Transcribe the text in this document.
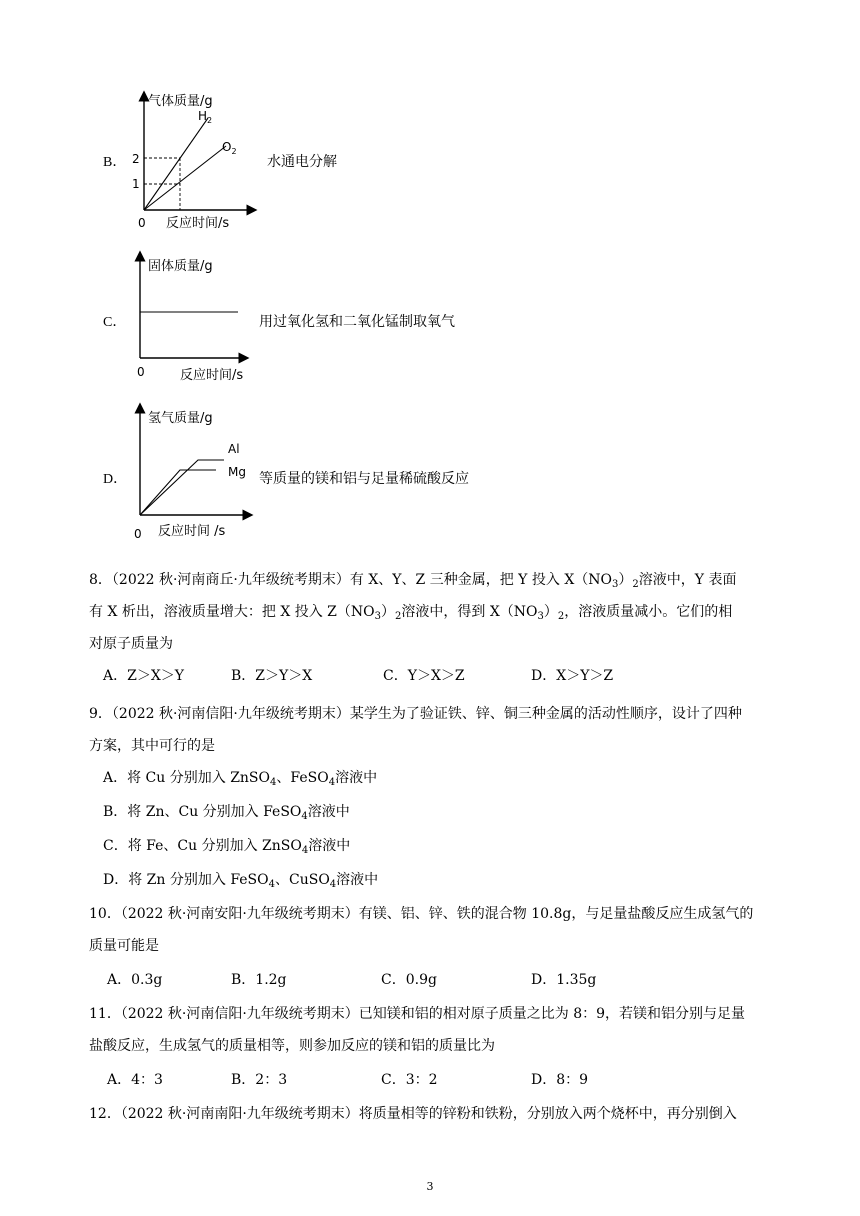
B．
气体质量/g
反应时间/s
0
2
1
$H_2$
$O_2$
水通电分解
C．
固体质量/g
反应时间/s
0
用过氧化氢和二氧化锰制取氧气
D．
氢气质量/g
反应时间 /s
0
Al
Mg 等质量的镁和铝与足量稀硫酸反应
8．（2022 秋·河南商丘·九年级统考期末）有 X、Y、Z 三种金属，把 Y 投入 $X(NO_3)_2$溶液中，Y 表面
有 X 析出，溶液质量增大：把 X 投入 $Z(NO_3)_2$溶液中，得到 $X(NO_3)_2$，溶液质量减小。它们的相
对原子质量为
A．Z＞X＞Y	B．Z＞Y＞X	C．Y＞X＞Z	D．X＞Y＞Z
9．（2022 秋·河南信阳·九年级统考期末）某学生为了验证铁、锌、铜三种金属的活动性顺序，设计了四种
方案，其中可行的是
A．将 Cu 分别加入 ZnSO$_4$、FeSO$_4$溶液中
B．将 Zn、Cu 分别加入 FeSO$_4$溶液中
C．将 Fe、Cu 分别加入 ZnSO$_4$溶液中
D．将 Zn 分别加入 FeSO$_4$、CuSO$_4$溶液中
10．（2022 秋·河南安阳·九年级统考期末）有镁、铝、锌、铁的混合物 10.8g，与足量盐酸反应生成氢气的
质量可能是
A．0.3g	B．1.2g	C．0.9g	D．1.35g
11．（2022 秋·河南信阳·九年级统考期末）已知镁和铝的相对原子质量之比为 8：9，若镁和铝分别与足量
盐酸反应，生成氢气的质量相等，则参加反应的镁和铝的质量比为
A．4：3	B．2：3	C．3：2	D．8：9
12．（2022 秋·河南南阳·九年级统考期末）将质量相等的锌粉和铁粉，分别放入两个烧杯中，再分别倒入
3
